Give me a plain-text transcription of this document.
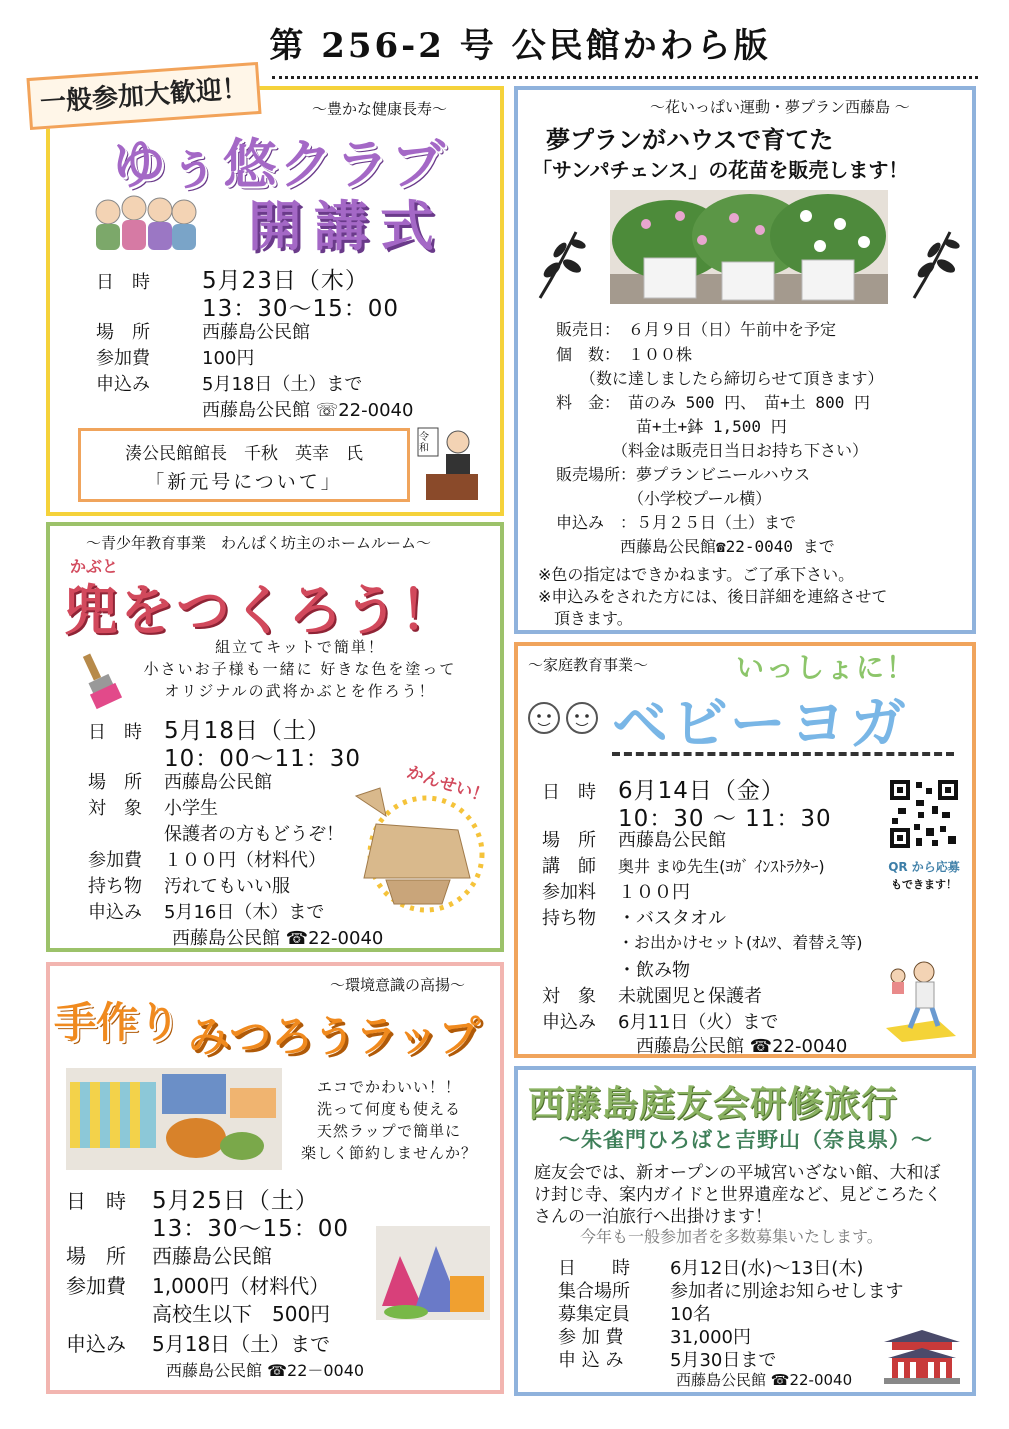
第 256-2 号 公民館かわら版
一般参加大歓迎！	～豊かな健康長寿～
ゆぅ悠クラブ
開講式
日　時 5月23日（木）
13：30～15：00
場　所	西藤島公民館
参加費	100円
申込み	5月18日（土）まで
西藤島公民館 ☏22-0040
湊公民館館長　千秋　英幸　氏
「新元号について」
令和
～花いっぱい運動・夢プラン西藤島 ～
夢プランがハウスで育てた
「サンパチェンス」の花苗を販売します！
販売日：　６月９日（日）午前中を予定
個　数：　１００株
　　（数に達しましたら締切らせて頂きます）
料　金：　苗のみ 500 円、　苗+土 800 円
　　　　　苗+土+鉢 1,500 円
　　　　（料金は販売日当日お持ち下さい）
販売場所：夢プランビニールハウス
　　　　　（小学校プール横）
申込み　：５月２５日（土）まで
　　　　西藤島公民館☎22-0040 まで
※色の指定はできかねます。ご了承下さい。
※申込みをされた方には、後日詳細を連絡させて
　頂きます。
～青少年教育事業　わんぱく坊主のホームルーム～
かぶと
兜をつくろう！
組立てキットで簡単！
小さいお子様も一緒に 好きな色を塗って
オリジナルの武将かぶとを作ろう！
かんせい！
日　時 5月18日（土）
10：00～11：30
場　所 西藤島公民館
対　象 小学生
保護者の方もどうぞ！
参加費 １００円（材料代）
持ち物 汚れてもいい服
申込み 5月16日（木）まで
西藤島公民館 ☎22-0040
～家庭教育事業～	いっしょに！
ベビーヨガ
QR から応募
もできます！
日　時 6月14日（金）
10：30 ～ 11：30
場　所 西藤島公民館
講　師 奥井 まゆ先生(ﾖｶﾞ ｲﾝｽﾄﾗｸﾀｰ)
参加料 １００円
持ち物 ・バスタオル
・お出かけセット(ｵﾑﾂ、着替え等)
・飲み物
対　象 未就園児と保護者
申込み 6月11日（火）まで
西藤島公民館 ☎22-0040
～環境意識の高揚～
手作り みつろうラップ
エコでかわいい！！
洗って何度も使える
天然ラップで簡単に
楽しく節約しませんか？
日　時 5月25日（土）
13：30～15：00
場　所 西藤島公民館
参加費 1,000円（材料代）
高校生以下　500円
申込み 5月18日（土）まで
西藤島公民館 ☎22－0040
西藤島庭友会研修旅行
～朱雀門ひろばと吉野山（奈良県）～
庭友会では、新オープンの平城宮いざない館、大和ぼ
け封じ寺、案内ガイドと世界遺産など、見どころたく
さんの一泊旅行へ出掛けます！
今年も一般参加者を多数募集いたします。
日　　時 6月12日(水)～13日(木)
集合場所 参加者に別途お知らせします
募集定員 10名
参 加 費	31,000円
申 込 み	5月30日まで
西藤島公民館 ☎22-0040
